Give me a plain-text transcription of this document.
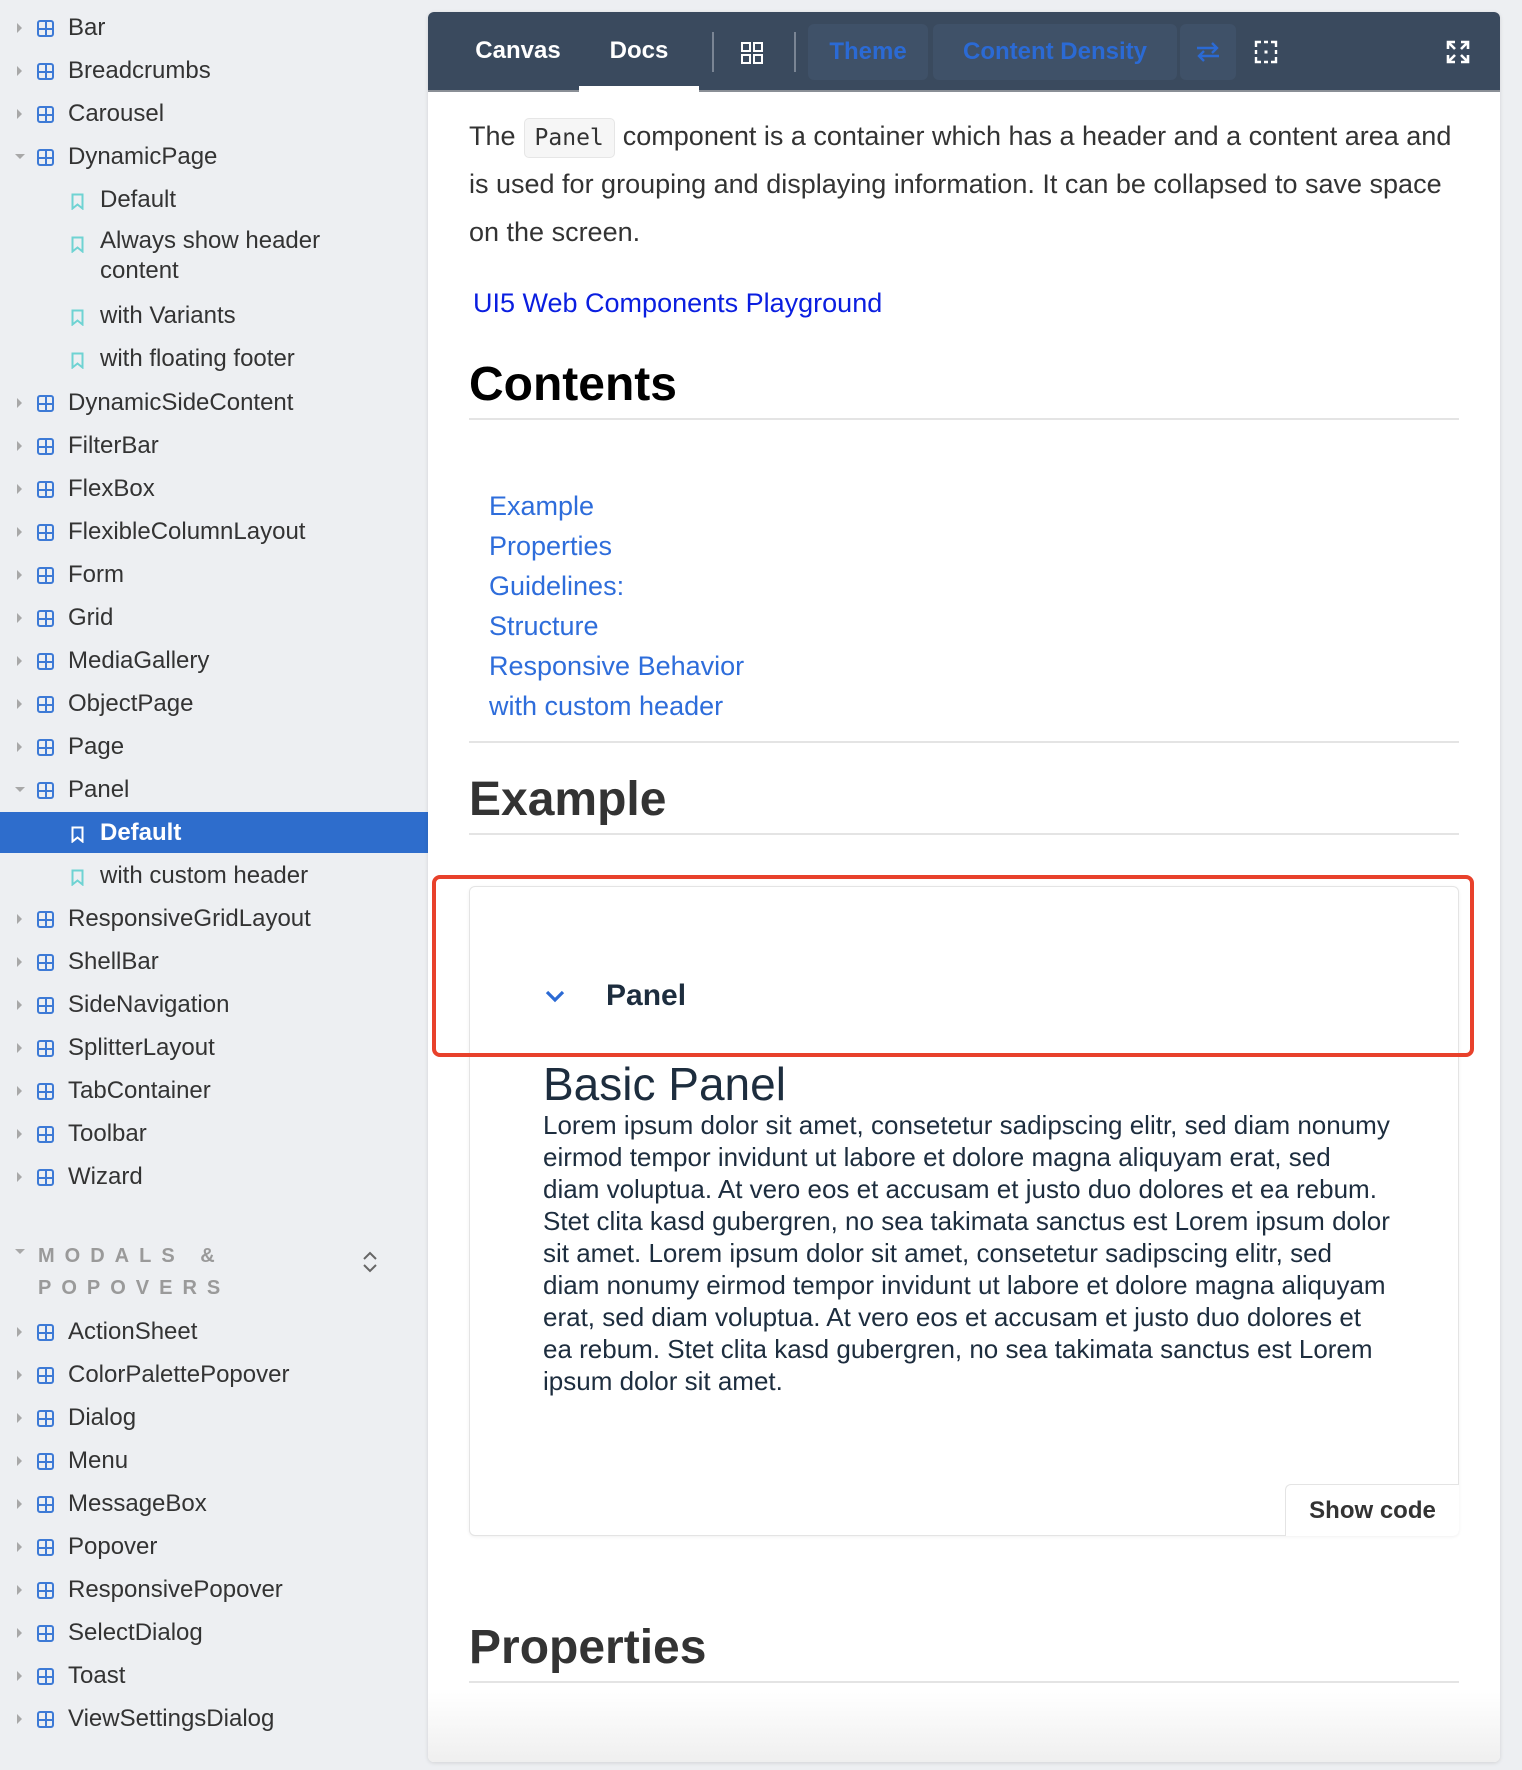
Bar
Breadcrumbs
Carousel
DynamicPage
Default
Always show header content
with Variants
with floating footer
DynamicSideContent
FilterBar
FlexBox
FlexibleColumnLayout
Form
Grid
MediaGallery
ObjectPage
Page
Panel
Default
with custom header
ResponsiveGridLayout
ShellBar
SideNavigation
SplitterLayout
TabContainer
Toolbar
Wizard
MODALS & POPOVERS
ActionSheet
ColorPalettePopover
Dialog
Menu
MessageBox
Popover
ResponsivePopover
SelectDialog
Toast
ViewSettingsDialog
Canvas	Docs	Theme	Content Density
The Panel component is a container which has a header and a content area and is used for grouping and displaying information. It can be collapsed to save space on the screen.
UI5 Web Components Playground
Contents
Example
Properties
Guidelines:
Structure
Responsive Behavior
with custom header
Example
Panel
Basic Panel
Lorem ipsum dolor sit amet, consetetur sadipscing elitr, sed diam nonumy eirmod tempor invidunt ut labore et dolore magna aliquyam erat, sed diam voluptua. At vero eos et accusam et justo duo dolores et ea rebum. Stet clita kasd gubergren, no sea takimata sanctus est Lorem ipsum dolor sit amet. Lorem ipsum dolor sit amet, consetetur sadipscing elitr, sed diam nonumy eirmod tempor invidunt ut labore et dolore magna aliquyam erat, sed diam voluptua. At vero eos et accusam et justo duo dolores et ea rebum. Stet clita kasd gubergren, no sea takimata sanctus est Lorem ipsum dolor sit amet.
Show code
Properties
